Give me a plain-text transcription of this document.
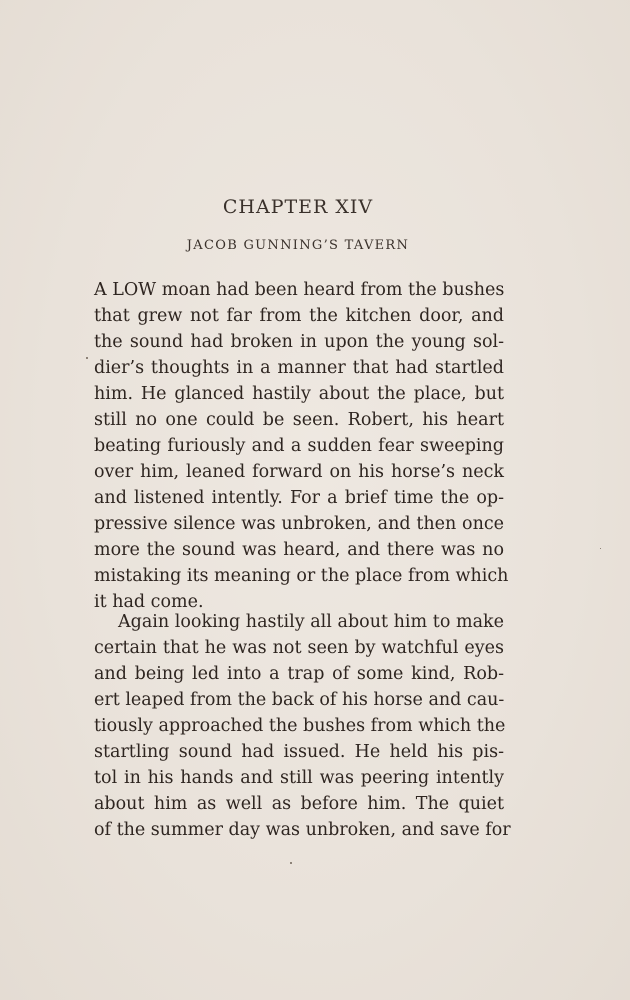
CHAPTER XIV
JACOB GUNNING’S TAVERN
A LOW moan had been heard from the bushes
that grew not far from the kitchen door, and
the sound had broken in upon the young sol-
dier’s thoughts in a manner that had startled
him. He glanced hastily about the place, but
still no one could be seen. Robert, his heart
beating furiously and a sudden fear sweeping
over him, leaned forward on his horse’s neck
and listened intently. For a brief time the op-
pressive silence was unbroken, and then once
more the sound was heard, and there was no
mistaking its meaning or the place from which
it had come.
Again looking hastily all about him to make
certain that he was not seen by watchful eyes
and being led into a trap of some kind, Rob-
ert leaped from the back of his horse and cau-
tiously approached the bushes from which the
startling sound had issued. He held his pis-
tol in his hands and still was peering intently
about him as well as before him. The quiet
of the summer day was unbroken, and save for
